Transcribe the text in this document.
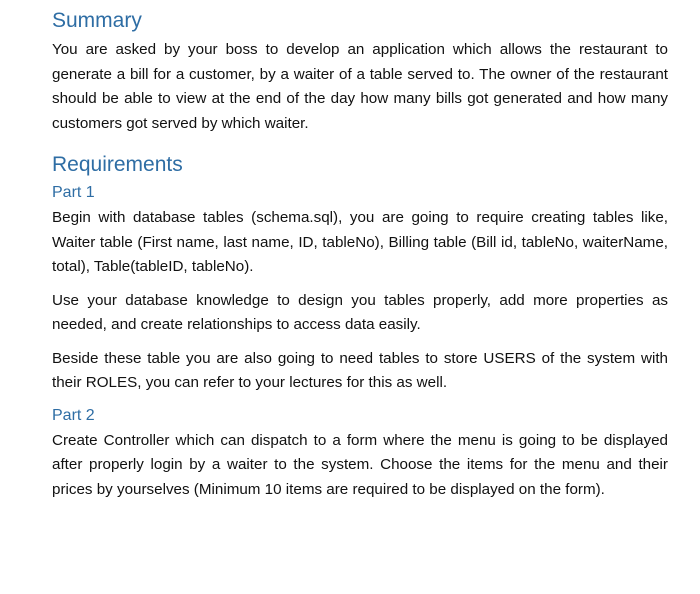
Summary

You are asked by your boss to develop an application which allows the restaurant to generate a bill for a customer, by a waiter of a table served to. The owner of the restaurant should be able to view at the end of the day how many bills got generated and how many customers got served by which waiter.

Requirements
Part 1

Begin with database tables (schema.sql), you are going to require creating tables like, Waiter table (First name, last name, ID, tableNo), Billing table (Bill id, tableNo, waiterName, total), Table(tableID, tableNo).

Use your database knowledge to design you tables properly, add more properties as needed, and create relationships to access data easily.

Beside these table you are also going to need tables to store USERS of the system with their ROLES, you can refer to your lectures for this as well.

Part 2

Create Controller which can dispatch to a form where the menu is going to be displayed after properly login by a waiter to the system. Choose the items for the menu and their prices by yourselves (Minimum 10 items are required to be displayed on the form).
